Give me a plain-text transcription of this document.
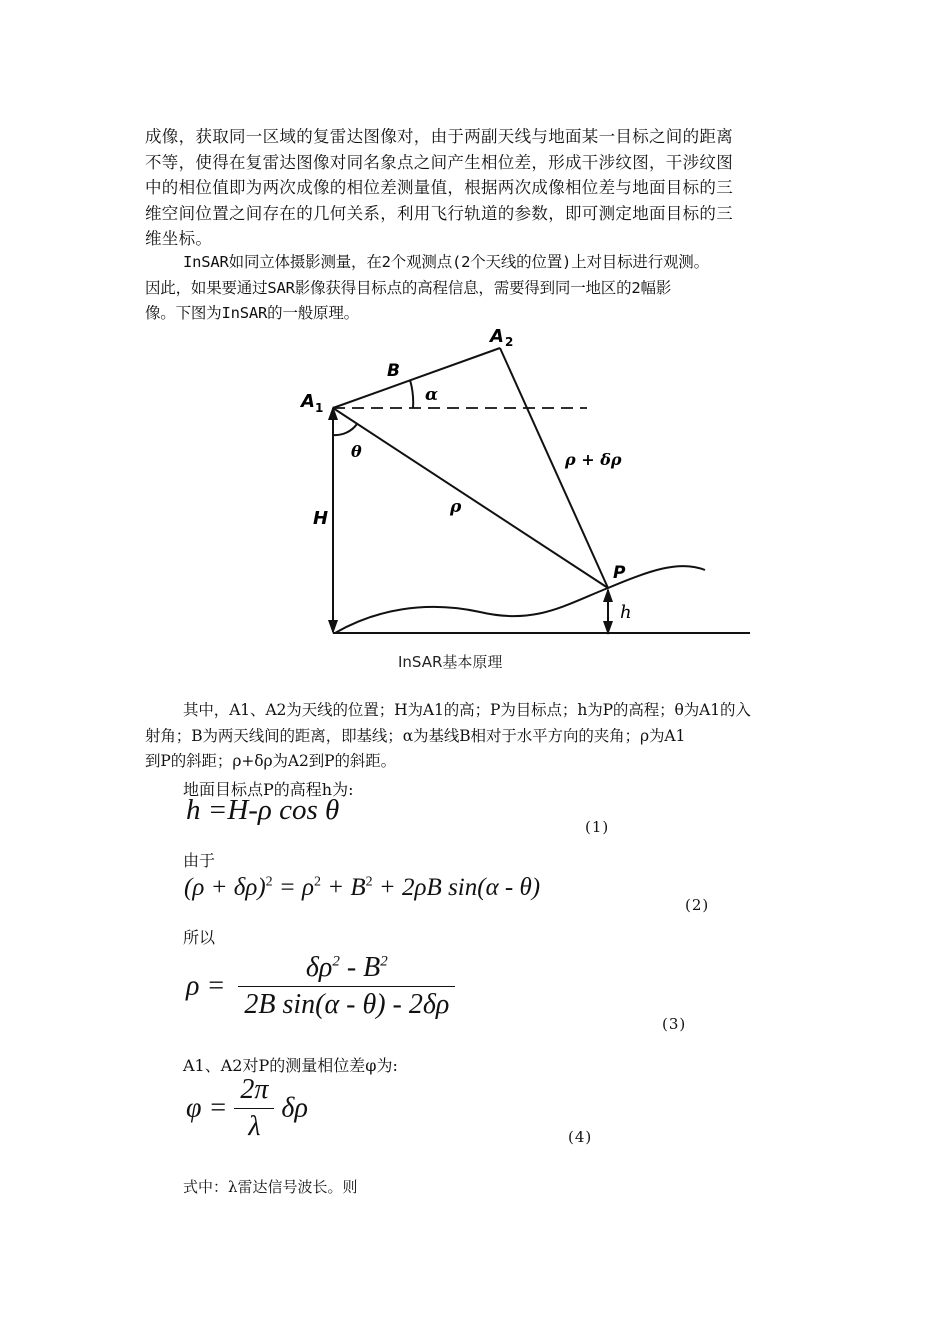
成像，获取同一区域的复雷达图像对，由于两副天线与地面某一目标之间的距离
不等，使得在复雷达图像对同名象点之间产生相位差，形成干涉纹图，干涉纹图
中的相位值即为两次成像的相位差测量值，根据两次成像相位差与地面目标的三
维空间位置之间存在的几何关系，利用飞行轨道的参数，即可测定地面目标的三
维坐标。
InSAR如同立体摄影测量，在2个观测点(2个天线的位置)上对目标进行观测。
因此，如果要通过SAR影像获得目标点的高程信息，需要得到同一地区的2幅影
像。下图为InSAR的一般原理。
A 1
A 2
B
α
θ
H
ρ
ρ + δρ
P
h
InSAR基本原理
其中，A1、A2为天线的位置；H为A1的高；P为目标点；h为P的高程；θ为A1的入
射角；B为两天线间的距离，即基线；α为基线B相对于水平方向的夹角；ρ为A1
到P的斜距；ρ+δρ为A2到P的斜距。
地面目标点P的高程h为:
h =H-ρ cos θ
(1)
由于
$(\rho + \delta\rho)^2 = \rho^2 + B^2 + 2\rho B$ sin(α - θ)
(2)
所以
$\rho = \frac{\delta\rho^2 - B^2}{\text{2B sin(α - θ) - 2δρ}}$
(3)
A1、A2对P的测量相位差φ为:
$\varphi = \frac{2\pi}{\lambda}$ δρ
(4)
式中：λ雷达信号波长。则
